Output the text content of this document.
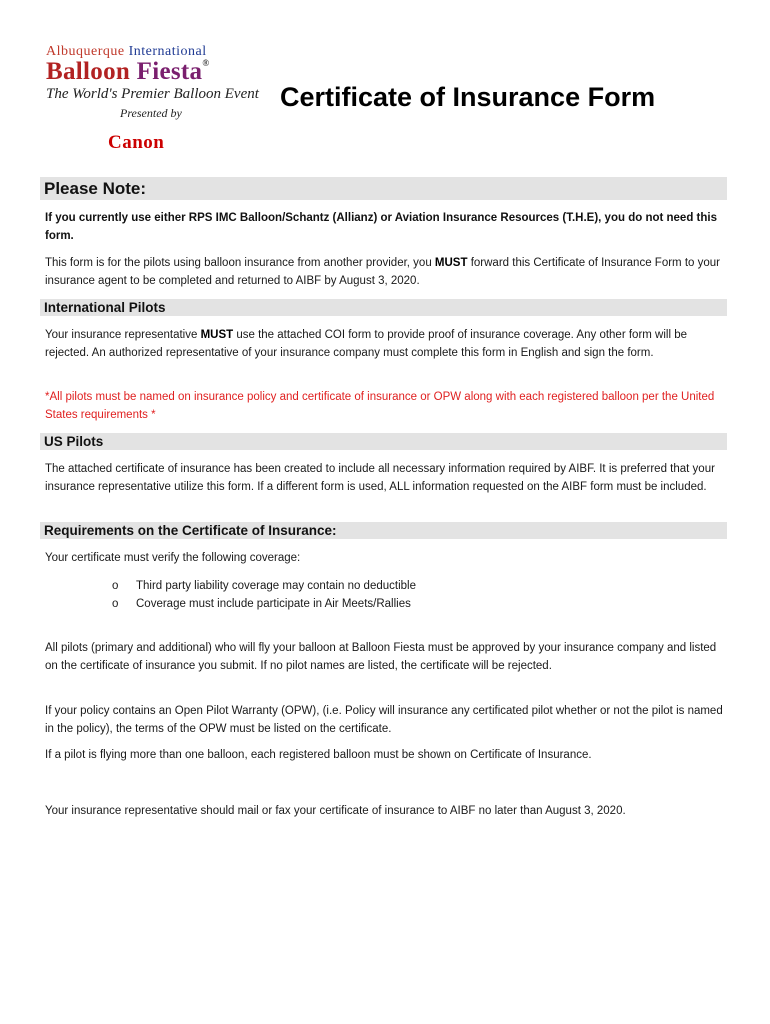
Albuquerque International
Balloon Fiesta®
The World's Premier Balloon Event
Presented by
Canon
Certificate of Insurance Form
Please Note:

If you currently use either RPS IMC Balloon/Schantz (Allianz) or Aviation Insurance Resources (T.H.E), you do not need this form.

This form is for the pilots using balloon insurance from another provider, you MUST forward this Certificate of Insurance Form to your insurance agent to be completed and returned to AIBF by August 3, 2020.

International Pilots

Your insurance representative MUST use the attached COI form to provide proof of insurance coverage. Any other form will be rejected. An authorized representative of your insurance company must complete this form in English and sign the form.

*All pilots must be named on insurance policy and certificate of insurance or OPW along with each registered balloon per the United States requirements *

US Pilots

The attached certificate of insurance has been created to include all necessary information required by AIBF. It is preferred that your insurance representative utilize this form. If a different form is used, ALL information requested on the AIBF form must be included.

Requirements on the Certificate of Insurance:

Your certificate must verify the following coverage:

o Third party liability coverage may contain no deductible
o Coverage must include participate in Air Meets/Rallies

All pilots (primary and additional) who will fly your balloon at Balloon Fiesta must be approved by your insurance company and listed on the certificate of insurance you submit. If no pilot names are listed, the certificate will be rejected.

If your policy contains an Open Pilot Warranty (OPW), (i.e. Policy will insurance any certificated pilot whether or not the pilot is named in the policy), the terms of the OPW must be listed on the certificate.

If a pilot is flying more than one balloon, each registered balloon must be shown on Certificate of Insurance.

Your insurance representative should mail or fax your certificate of insurance to AIBF no later than August 3, 2020.
